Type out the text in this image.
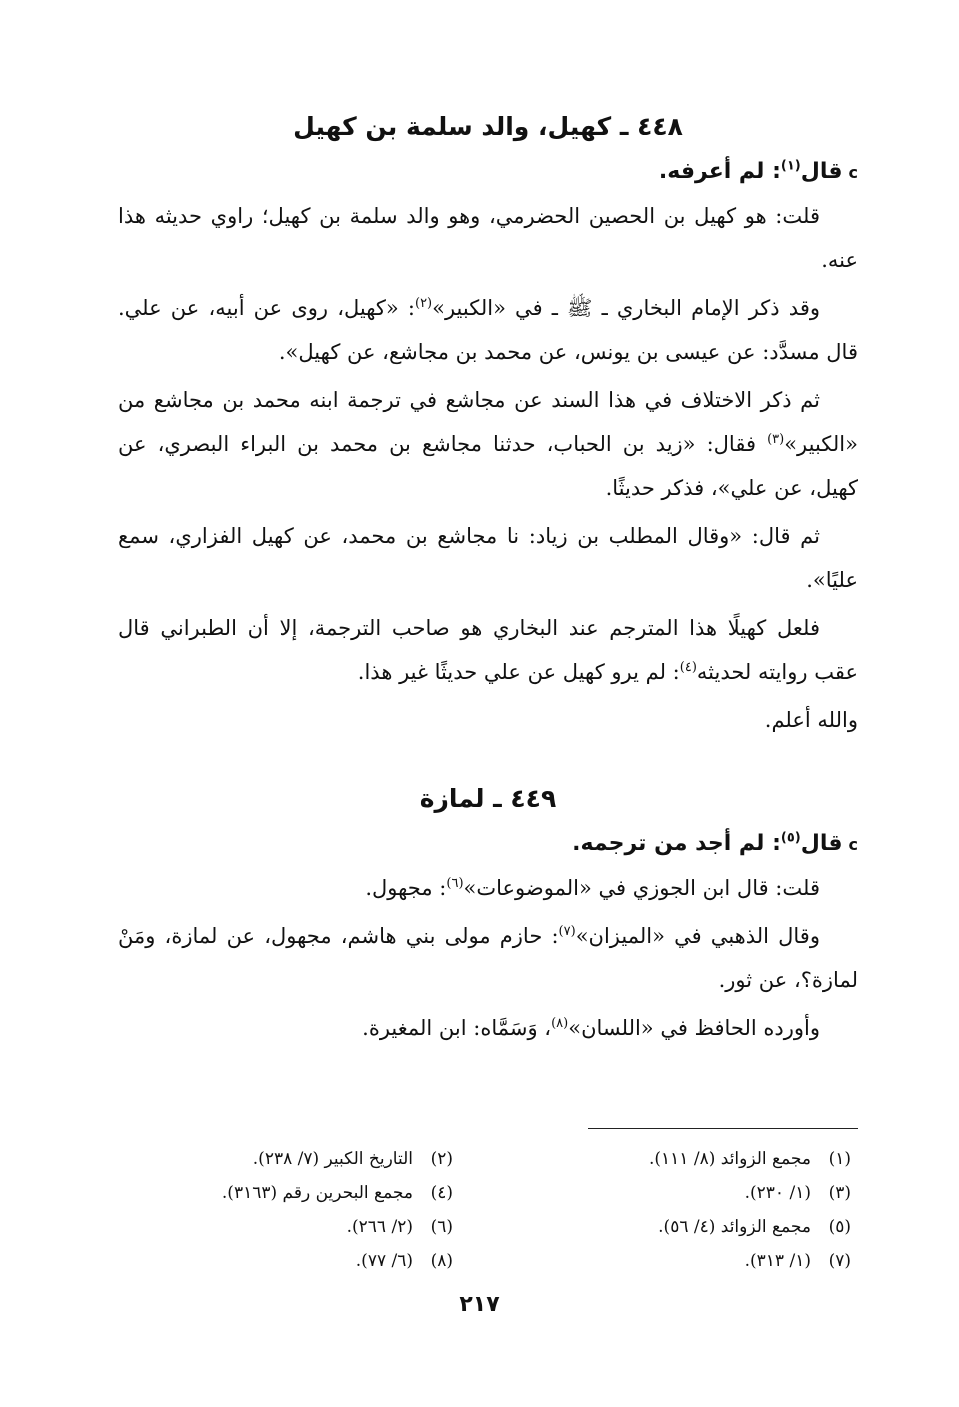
٤٤٨ ـ كهيل، والد سلمة بن كهيل
cقال$^{(١)}$: لم أعرفه.

قلت: هو كهيل بن الحصين الحضرمي، وهو والد سلمة بن كهيل؛ راوي حديثه هذا عنه.

وقد ذكر الإمام البخاري ـ ﷺ ـ في «الكبير»$^{(٢)}$: «كهيل، روى عن أبيه، عن علي. قال مسدَّد: عن عيسى بن يونس، عن محمد بن مجاشع، عن كهيل».

ثم ذكر الاختلاف في هذا السند عن مجاشع في ترجمة ابنه محمد بن مجاشع من «الكبير»$^{(٣)}$ فقال: «زيد بن الحباب، حدثنا مجاشع بن محمد بن البراء البصري، عن كهيل، عن علي»، فذكر حديثًا.

ثم قال: «وقال المطلب بن زياد: نا مجاشع بن محمد، عن كهيل الفزاري، سمع عليًا».

فلعل كهيلًا هذا المترجم عند البخاري هو صاحب الترجمة، إلا أن الطبراني قال عقب روايته لحديثه$^{(٤)}$: لم يرو كهيل عن علي حديثًا غير هذا.

والله أعلم.

٤٤٩ ـ لمازة
cقال$^{(٥)}$: لم أجد من ترجمه.

قلت: قال ابن الجوزي في «الموضوعات»$^{(٦)}$: مجهول.

وقال الذهبي في «الميزان»$^{(٧)}$: حازم مولى بني هاشم، مجهول، عن لمازة، ومَنْ لمازة؟، عن ثور.

وأورده الحافظ في «اللسان»$^{(٨)}$، وَسَمَّاه: ابن المغيرة.

(١)مجمع الزوائد (٨/ ١١١).
(٣)(١/ ٢٣٠).
(٥)مجمع الزوائد (٤/ ٥٦).
(٧)(١/ ٣١٣).
(٢)التاريخ الكبير (٧/ ٢٣٨).
(٤)مجمع البحرين رقم (٣١٦٣).
(٦)(٢/ ٢٦٦).
(٨)(٦/ ٧٧).
٢١٧
